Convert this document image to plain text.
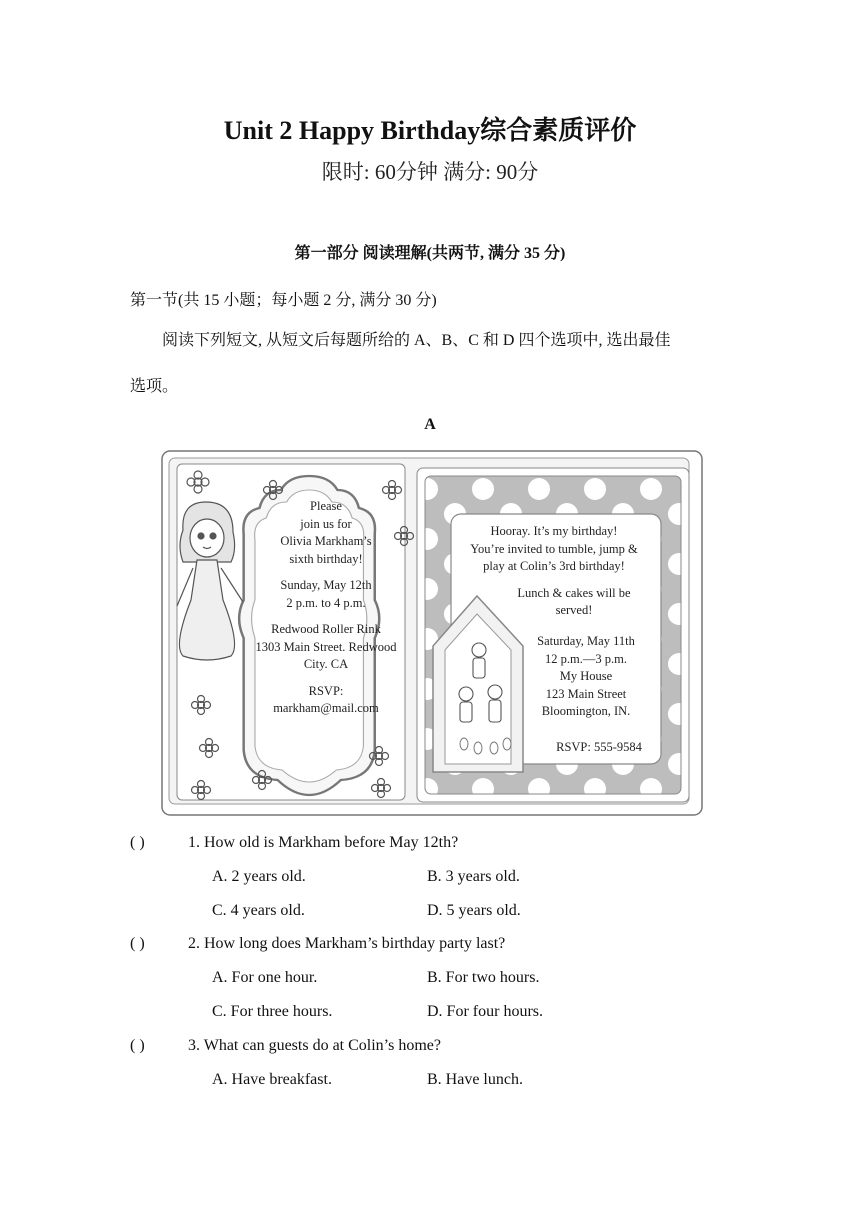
Unit 2 Happy Birthday综合素质评价
限时: 60分钟 满分: 90分
第一部分 阅读理解(共两节, 满分 35 分)
第一节(共 15 小题；每小题 2 分, 满分 30 分)
阅读下列短文, 从短文后每题所给的 A、B、C 和 D 四个选项中, 选出最佳
选项。
A
Please
join us for
Olivia Markham’s
sixth birthday!
Sunday, May 12th
2 p.m. to 4 p.m.
Redwood Roller Rink
1303 Main Street. Redwood
City. CA
RSVP:
markham@mail.com
Hooray. It’s my birthday!
You’re invited to tumble, jump &
play at Colin’s 3rd birthday!
Lunch & cakes will be
served!
Saturday, May 11th
12 p.m.—3 p.m.
My House
123 Main Street
Bloomington, IN.
RSVP: 555-9584
( )	1. How old is Markham before May 12th?
A. 2 years old.	B. 3 years old.
C. 4 years old.	D. 5 years old.
( )	2. How long does Markham’s birthday party last?
A. For one hour.	B. For two hours.
C. For three hours.	D. For four hours.
( )	3. What can guests do at Colin’s home?
A. Have breakfast.	B. Have lunch.
